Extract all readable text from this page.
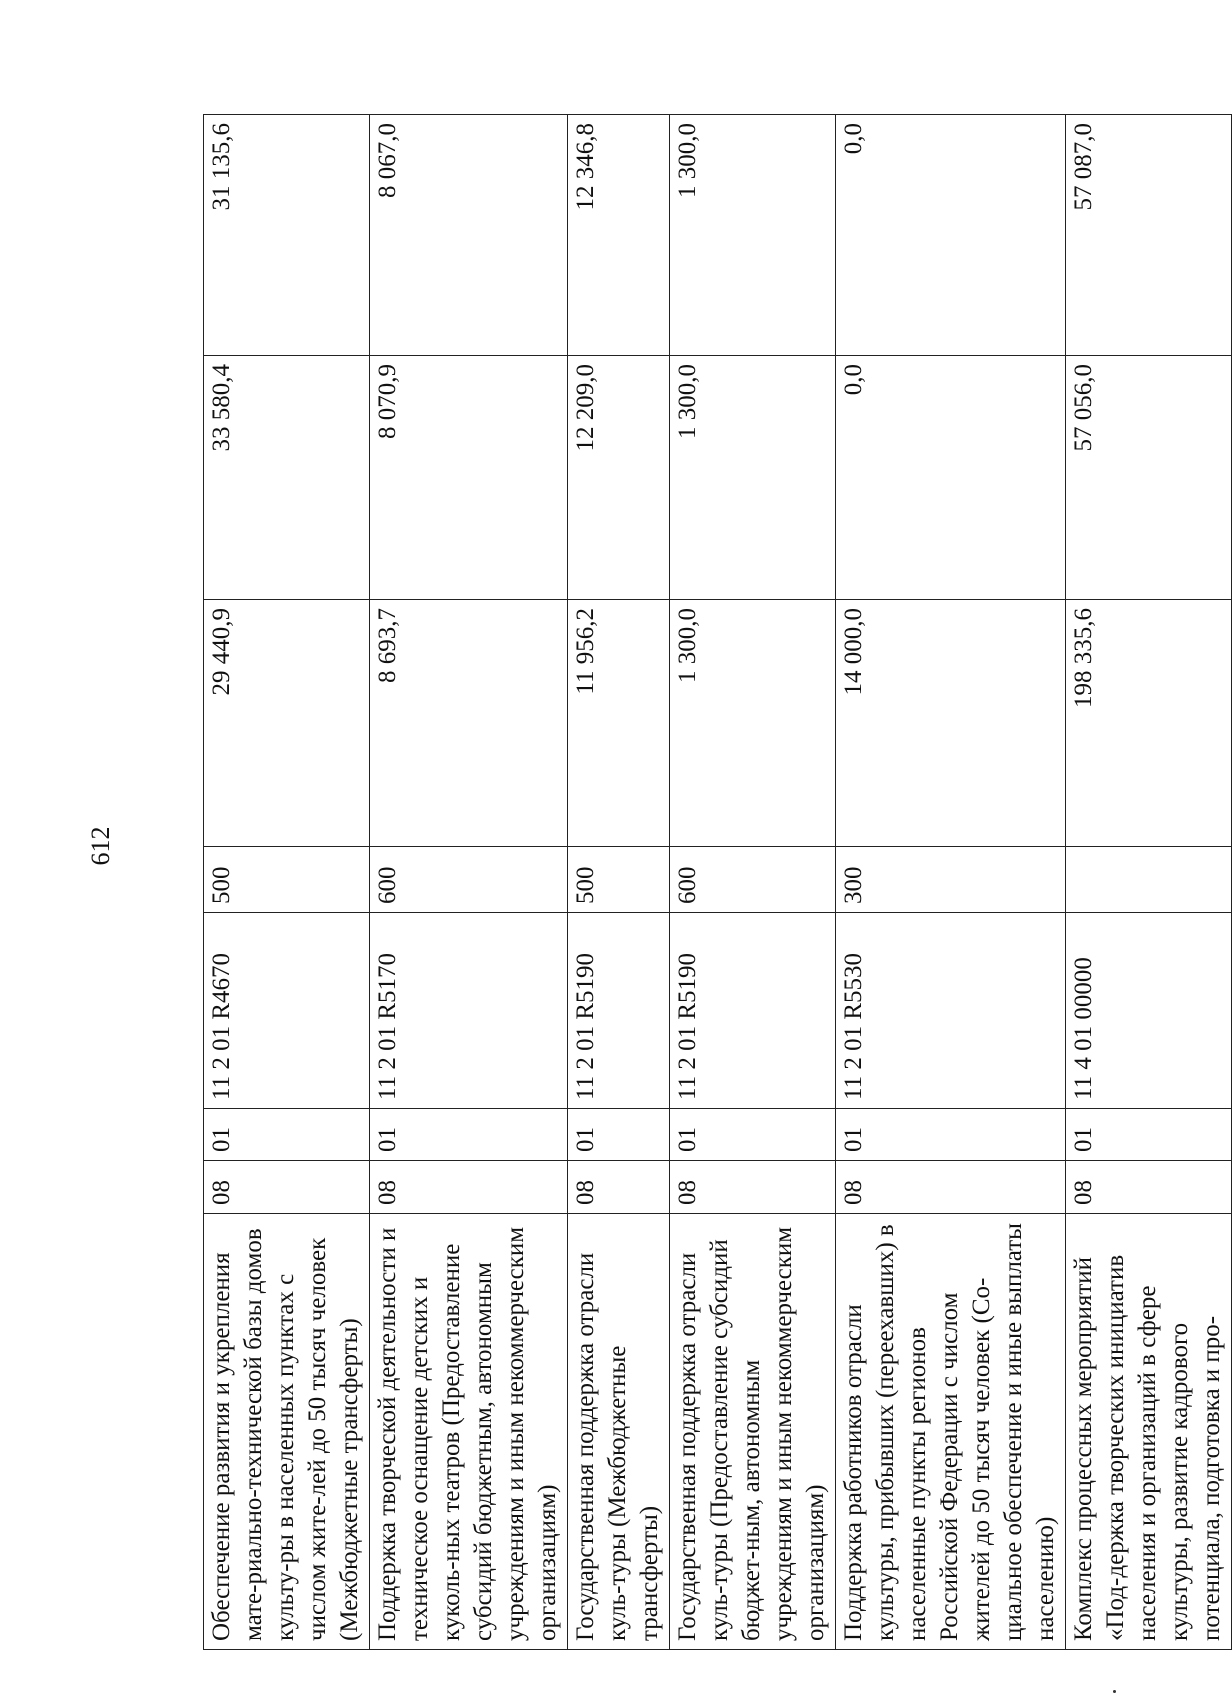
612
Обеспечение развития и укрепления мате-риально-технической базы домов культу-ры в населенных пунктах с числом жите-лей до 50 тысяч человек (Межбюджетные трансферты)	08	01	11 2 01 R4670	500	29 440,9	33 580,4	31 135,6
Поддержка творческой деятельности и техническое оснащение детских и куколь-ных театров (Предоставление субсидий бюджетным, автономным учреждениям и иным некоммерческим организациям)	08	01	11 2 01 R5170	600	8 693,7	8 070,9	8 067,0
Государственная поддержка отрасли куль-туры (Межбюджетные трансферты)	08	01	11 2 01 R5190	500	11 956,2	12 209,0	12 346,8
Государственная поддержка отрасли куль-туры (Предоставление субсидий бюджет-ным, автономным учреждениям и иным некоммерческим организациям)	08	01	11 2 01 R5190	600	1 300,0	1 300,0	1 300,0
Поддержка работников отрасли культуры, прибывших (переехавших) в населенные пункты регионов Российской Федерации с числом жителей до 50 тысяч человек (Со-циальное обеспечение и иные выплаты населению)	08	01	11 2 01 R5530	300	14 000,0	0,0	0,0
Комплекс процессных мероприятий «Под-держка творческих инициатив населения и организаций в сфере культуры, развитие кадрового потенциала, подготовка и про-	08	01	11 4 01 00000		198 335,6	57 056,0	57 087,0
